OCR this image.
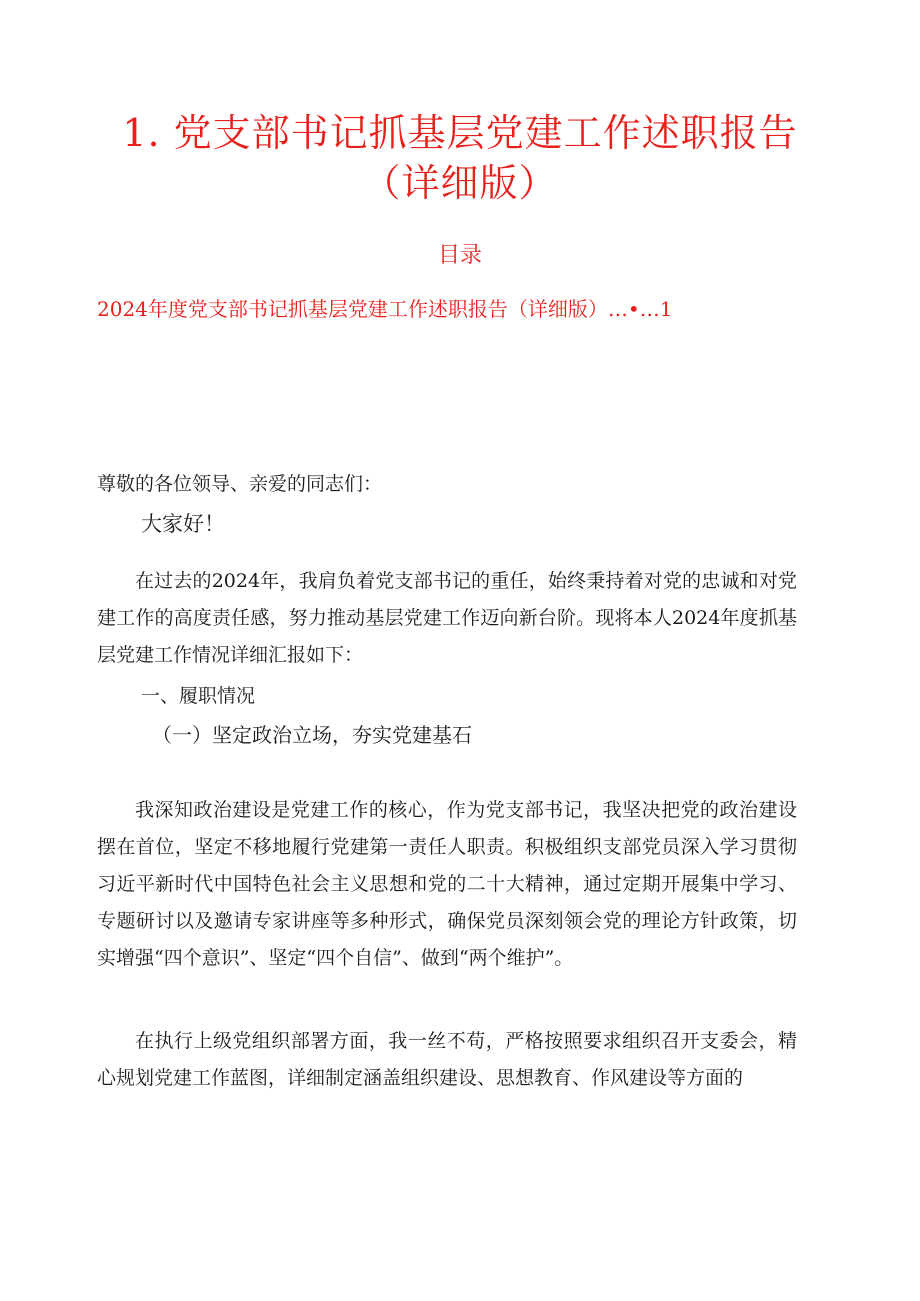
1. 党支部书记抓基层党建工作述职报告
（详细版）
目录
2024年度党支部书记抓基层党建工作述职报告（详细版）…•…1

尊敬的各位领导、亲爱的同志们：

大家好！

在过去的2024年，我肩负着党支部书记的重任，始终秉持着对党的忠诚和对党建工作的高度责任感，努力推动基层党建工作迈向新台阶。现将本人2024年度抓基层党建工作情况详细汇报如下：

一、履职情况

（一）坚定政治立场，夯实党建基石

我深知政治建设是党建工作的核心，作为党支部书记，我坚决把党的政治建设摆在首位，坚定不移地履行党建第一责任人职责。积极组织支部党员深入学习贯彻习近平新时代中国特色社会主义思想和党的二十大精神，通过定期开展集中学习、专题研讨以及邀请专家讲座等多种形式，确保党员深刻领会党的理论方针政策，切实增强“四个意识”、坚定“四个自信”、做到“两个维护”。

在执行上级党组织部署方面，我一丝不苟，严格按照要求组织召开支委会，精心规划党建工作蓝图，详细制定涵盖组织建设、思想教育、作风建设等方面的
